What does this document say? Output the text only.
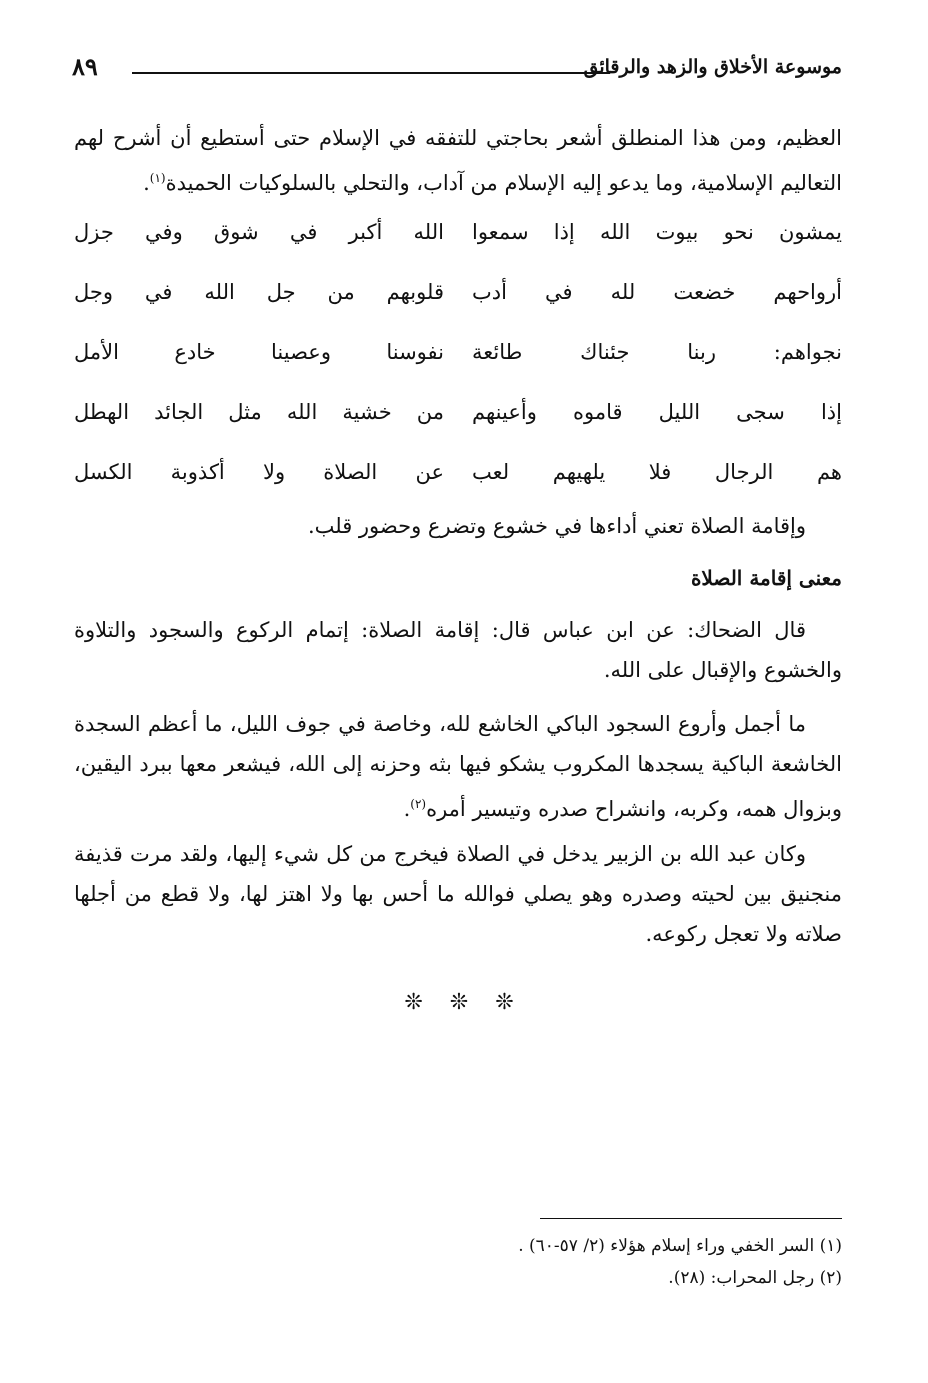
موسوعة الأخلاق والزهد والرقائق
٨٩

العظيم، ومن هذا المنطلق أشعر بحاجتي للتفقه في الإسلام حتى أستطيع أن أشرح لهم التعاليم الإسلامية، وما يدعو إليه الإسلام من آداب، والتحلي بالسلوكيات الحميدة$^{(١)}$.

يمشون نحو بيوت الله إذا سمعوا
الله أكبر في شوق وفي جزل
أرواحهم خضعت لله في أدب
قلوبهم من جل الله في وجل
نجواهم: ربنا جئناك طائعة
نفوسنا وعصينا خادع الأمل
إذا سجى الليل قاموه وأعينهم
من خشية الله مثل الجائد الهطل
هم الرجال فلا يلهيهم لعب
عن الصلاة ولا أكذوبة الكسل

وإقامة الصلاة تعني أداءها في خشوع وتضرع وحضور قلب.

معنى إقامة الصلاة

قال الضحاك: عن ابن عباس قال: إقامة الصلاة: إتمام الركوع والسجود والتلاوة والخشوع والإقبال على الله.

ما أجمل وأروع السجود الباكي الخاشع لله، وخاصة في جوف الليل، ما أعظم السجدة الخاشعة الباكية يسجدها المكروب يشكو فيها بثه وحزنه إلى الله، فيشعر معها ببرد اليقين، وبزوال همه، وكربه، وانشراح صدره وتيسير أمره$^{(٢)}$.

وكان عبد الله بن الزبير يدخل في الصلاة فيخرج من كل شيء إليها، ولقد مرت قذيفة منجنيق بين لحيته وصدره وهو يصلي فوالله ما أحس بها ولا اهتز لها، ولا قطع من أجلها صلاته ولا تعجل ركوعه.

❊ ❊ ❊
(١) السر الخفي وراء إسلام هؤلاء (٢/ ٥٧-٦٠) .
(٢) رجل المحراب: (٢٨).
